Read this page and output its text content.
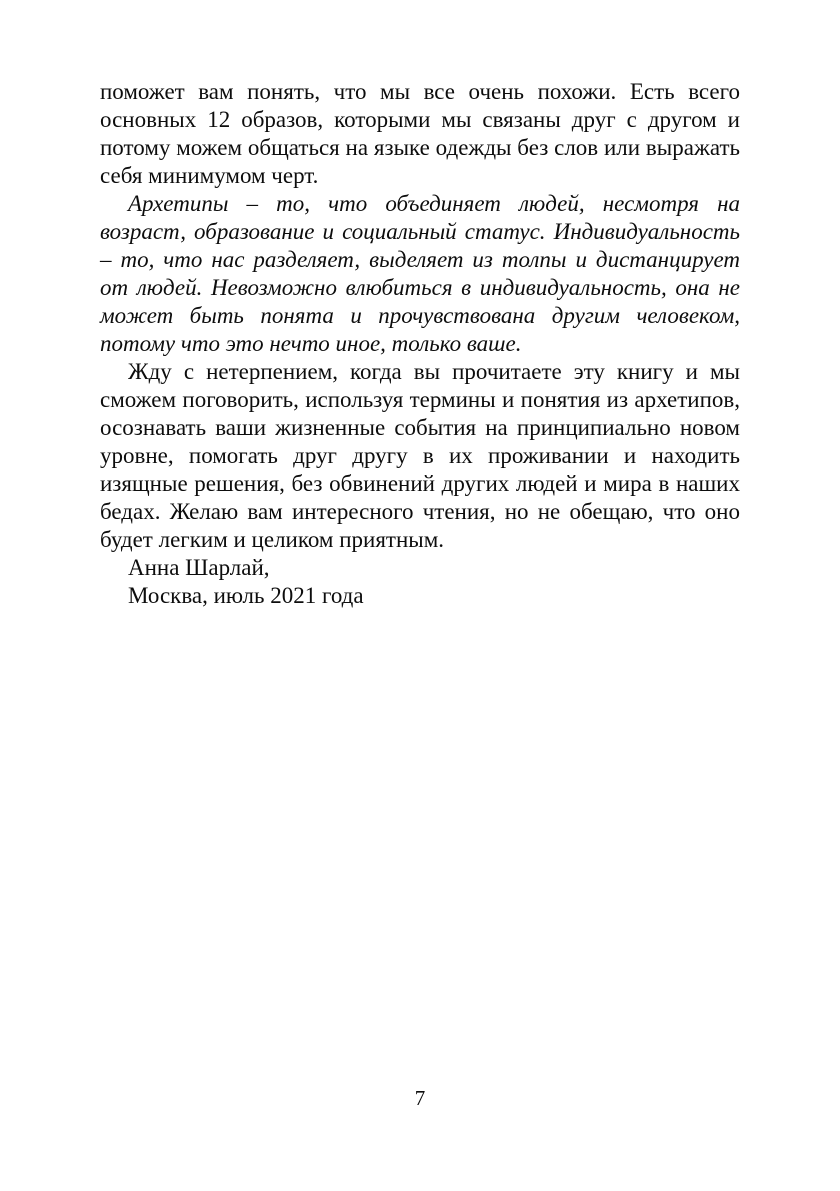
поможет вам понять, что мы все очень похожи. Есть всего основных 12 образов, которыми мы связаны друг с другом и потому можем общаться на языке одежды без слов или выражать себя минимумом черт.

Архетипы – то, что объединяет людей, несмотря на возраст, образование и социальный статус. Индивидуальность – то, что нас разделяет, выделяет из толпы и дистанцирует от людей. Невозможно влюбиться в индивидуальность, она не может быть понята и прочувствована другим человеком, потому что это нечто иное, только ваше.

Жду с нетерпением, когда вы прочитаете эту книгу и мы сможем поговорить, используя термины и понятия из архетипов, осознавать ваши жизненные события на принципиально новом уровне, помогать друг другу в их проживании и находить изящные решения, без обвинений других людей и мира в наших бедах. Желаю вам интересного чтения, но не обещаю, что оно будет легким и целиком приятным.

Анна Шарлай,

Москва, июль 2021 года

7
